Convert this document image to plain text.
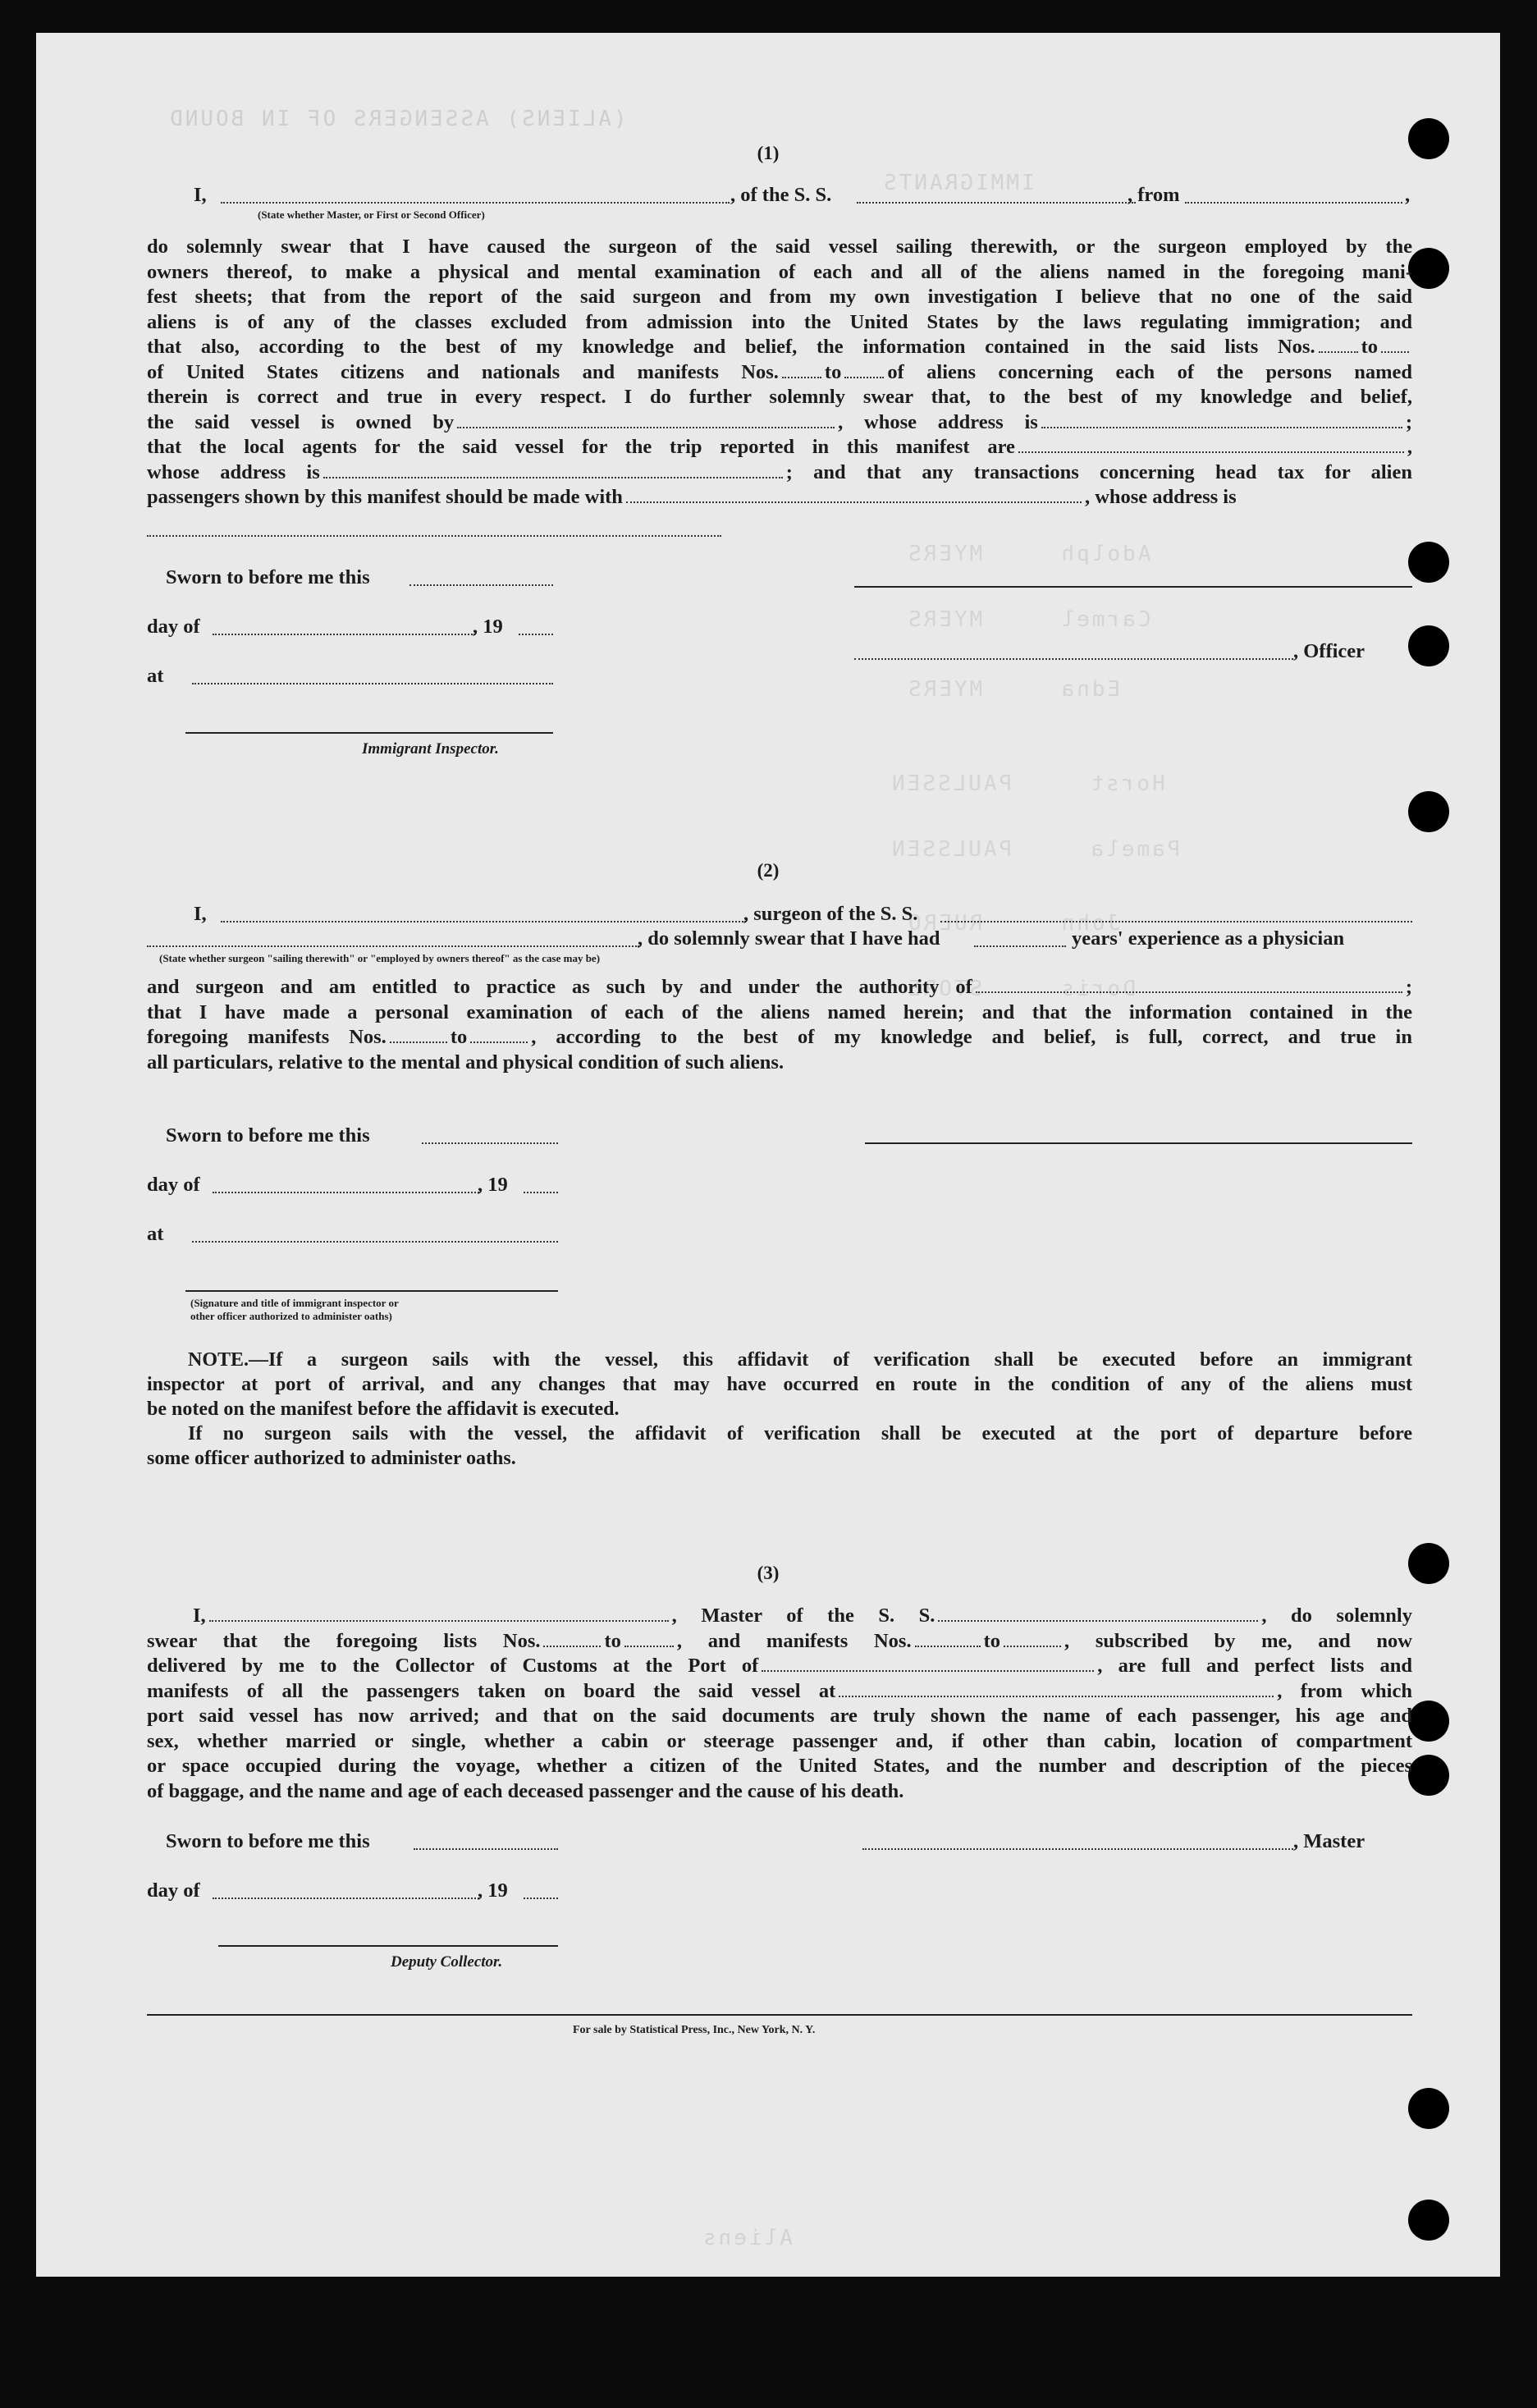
(ALIENS) ASSENGERS OF IN BOUND
IMMIGRANTS
Adolph     MYERS
Carmel     MYERS
Edna     MYERS
Horst     PAULSSEN
Pamela     PAULSSEN
John     RUERO
Doris     STORE
Aliens
(1)
I,	, of the S. S.	, from	,
(State whether Master, or First or Second Officer)
do solemnly swear that I have caused the surgeon of the said vessel sailing therewith, or the surgeon employed by the
owners thereof, to make a physical and mental examination of each and all of the aliens named in the foregoing mani-
fest sheets; that from the report of the said surgeon and from my own investigation I believe that no one of the said
aliens is of any of the classes excluded from admission into the United States by the laws regulating immigration; and
that also, according to the best of my knowledge and belief, the information contained in the said lists Nos. to
of United States citizens and nationals and manifests Nos. to of aliens concerning each of the persons named
therein is correct and true in every respect. I do further solemnly swear that, to the best of my knowledge and belief,
the said vessel is owned by	, whose address is	;
that the local agents for the said vessel for the trip reported in this manifest are	,
whose address is	; and that any transactions concerning head tax for alien
passengers shown by this manifest should be made with	, whose address is
Sworn to before me this
day of	, 19
at
Immigrant Inspector.
, Officer
(2)
I,	, surgeon of the S. S.
, do solemnly swear that I have had	years' experience as a physician
(State whether surgeon "sailing therewith" or "employed by owners thereof" as the case may be)
and surgeon and am entitled to practice as such by and under the authority of	;
that I have made a personal examination of each of the aliens named herein; and that the information contained in the
foregoing manifests Nos.	to	, according to the best of my knowledge and belief, is full, correct, and true in
all particulars, relative to the mental and physical condition of such aliens.
Sworn to before me this
day of	, 19
at
(Signature and title of immigrant inspector or
other officer authorized to administer oaths)
NOTE.—If a surgeon sails with the vessel, this affidavit of verification shall be executed before an immigrant
inspector at port of arrival, and any changes that may have occurred en route in the condition of any of the aliens must
be noted on the manifest before the affidavit is executed.
If no surgeon sails with the vessel, the affidavit of verification shall be executed at the port of departure before
some officer authorized to administer oaths.
(3)
I,	, Master of the S. S.	, do solemnly
swear that the foregoing lists Nos.	to	, and manifests Nos.	to	, subscribed by me, and now
delivered by me to the Collector of Customs at the Port of	, are full and perfect lists and
manifests of all the passengers taken on board the said vessel at	, from which
port said vessel has now arrived; and that on the said documents are truly shown the name of each passenger, his age and
sex, whether married or single, whether a cabin or steerage passenger and, if other than cabin, location of compartment
or space occupied during the voyage, whether a citizen of the United States, and the number and description of the pieces
of baggage, and the name and age of each deceased passenger and the cause of his death.
Sworn to before me this
day of	, 19
Deputy Collector.
, Master
For sale by Statistical Press, Inc., New York, N. Y.
